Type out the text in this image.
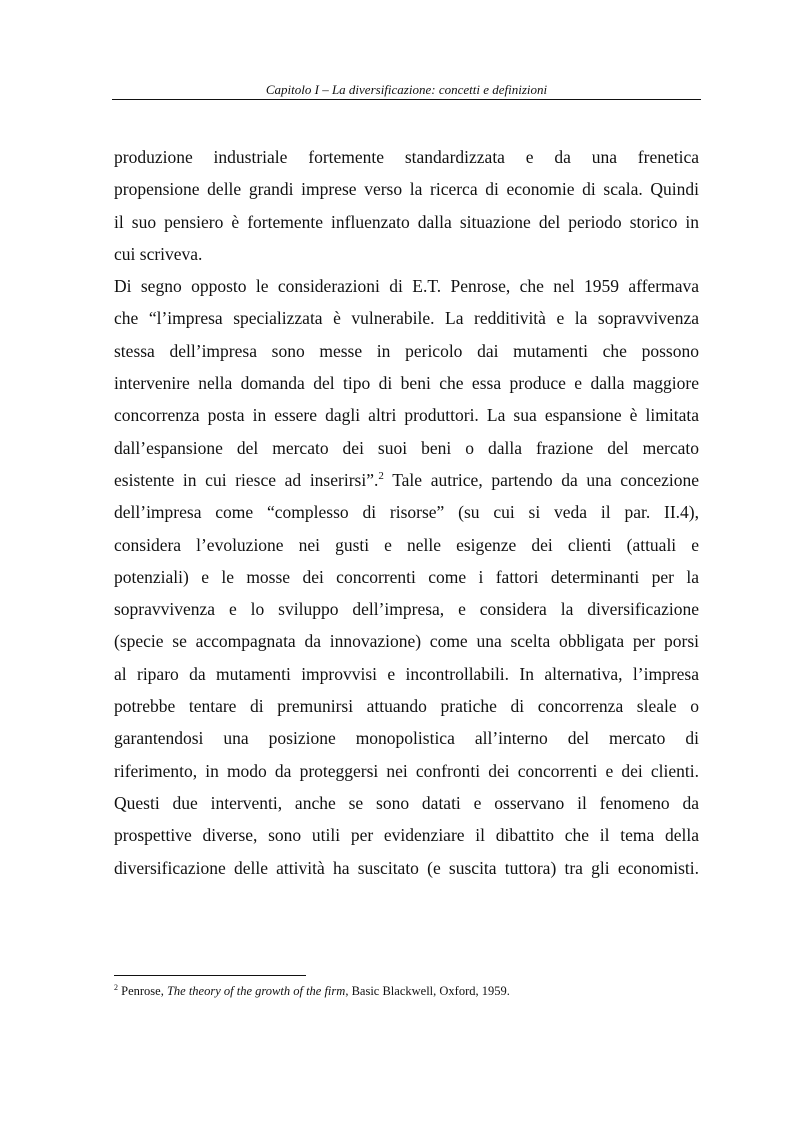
Capitolo I – La diversificazione: concetti e definizioni
produzione industriale fortemente standardizzata e da una frenetica
propensione delle grandi imprese verso la ricerca di economie di scala. Quindi
il suo pensiero è fortemente influenzato dalla situazione del periodo storico in
cui scriveva.
Di segno opposto le considerazioni di E.T. Penrose, che nel 1959 affermava
che “l’impresa specializzata è vulnerabile. La redditività e la sopravvivenza
stessa dell’impresa sono messe in pericolo dai mutamenti che possono
intervenire nella domanda del tipo di beni che essa produce e dalla maggiore
concorrenza posta in essere dagli altri produttori. La sua espansione è limitata
dall’espansione del mercato dei suoi beni o dalla frazione del mercato
esistente in cui riesce ad inserirsi”.$^2$ Tale autrice, partendo da una concezione
dell’impresa come “complesso di risorse” (su cui si veda il par. II.4),
considera l’evoluzione nei gusti e nelle esigenze dei clienti (attuali e
potenziali) e le mosse dei concorrenti come i fattori determinanti per la
sopravvivenza e lo sviluppo dell’impresa, e considera la diversificazione
(specie se accompagnata da innovazione) come una scelta obbligata per porsi
al riparo da mutamenti improvvisi e incontrollabili. In alternativa, l’impresa
potrebbe tentare di premunirsi attuando pratiche di concorrenza sleale o
garantendosi una posizione monopolistica all’interno del mercato di
riferimento, in modo da proteggersi nei confronti dei concorrenti e dei clienti.
Questi due interventi, anche se sono datati e osservano il fenomeno da
prospettive diverse, sono utili per evidenziare il dibattito che il tema della
diversificazione delle attività ha suscitato (e suscita tuttora) tra gli economisti.
$^2$ Penrose, The theory of the growth of the firm, Basic Blackwell, Oxford, 1959.
